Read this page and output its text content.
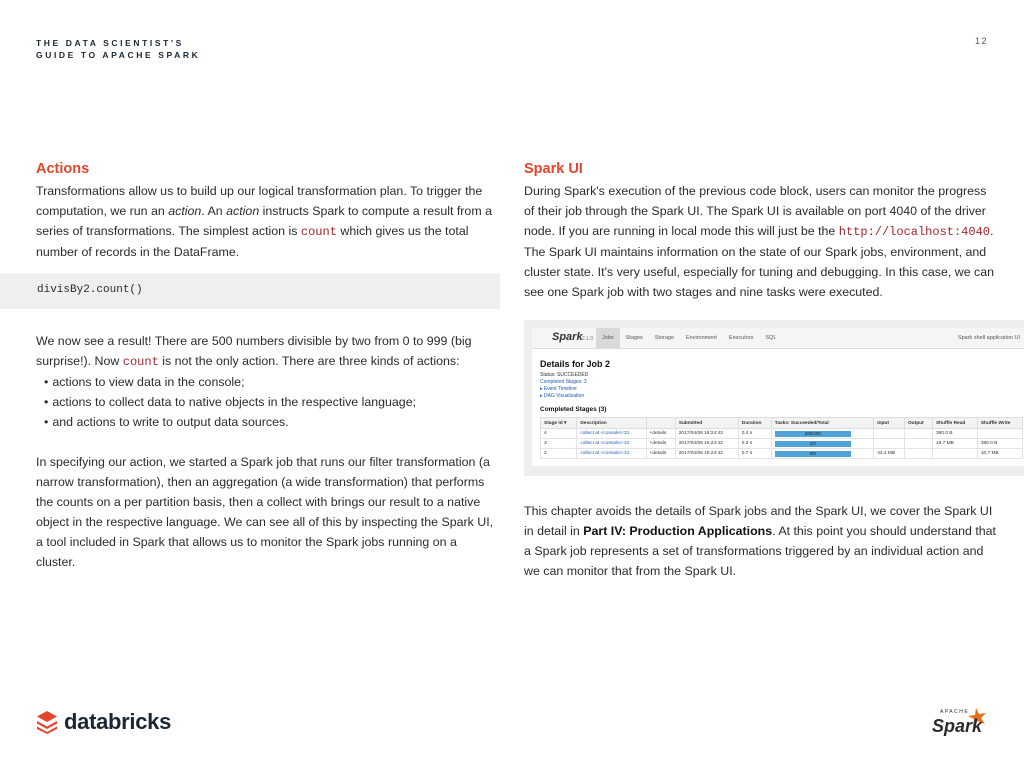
THE DATA SCIENTIST'S
GUIDE TO APACHE SPARK
12
Actions

Transformations allow us to build up our logical transformation plan. To trigger the computation, we run an action. An action instructs Spark to compute a result from a series of transformations. The simplest action is count which gives us the total number of records in the DataFrame.

divisBy2.count()

We now see a result! There are 500 numbers divisible by two from 0 to 999 (big surprise!). Now count is not the only action. There are three kinds of actions:

• actions to view data in the console;
• actions to collect data to native objects in the respective language;
• and actions to write to output data sources.

In specifying our action, we started a Spark job that runs our filter transformation (a narrow transformation), then an aggregation (a wide transformation) that performs the counts on a per partition basis, then a collect with brings our result to a native object in the respective language. We can see all of this by inspecting the Spark UI, a tool included in Spark that allows us to monitor the Spark jobs running on a cluster.

Spark UI

During Spark's execution of the previous code block, users can monitor the progress of their job through the Spark UI. The Spark UI is available on port 4040 of the driver node. If you are running in local mode this will just be the http://localhost:4040. The Spark UI maintains information on the state of our Spark jobs, environment, and cluster state. It's very useful, especially for tuning and debugging. In this case, we can see one Spark job with two stages and nine tasks were executed.

Spark 2.1.0	Jobs	Stages	Storage	Environment	Executors	SQL	Spark shell application UI
Details for Job 2
Status: SUCCEEDED
Completed Stages: 3
▸ Event Timeline
▸ DAG Visualization
Completed Stages (3)
Stage Id ▾	Description		Submitted	Duration	Tasks: Succeeded/Total	Input	Output	Shuffle Read	Shuffle Write
4	collect at <console>:31	+details	2017/04/08 16:24:43	0.4 s	200/200			380.0 B	
3	collect at <console>:31	+details	2017/04/08 16:24:42	0.3 s	2/2			16.7 MB	380.0 B
2	collect at <console>:31	+details	2017/04/08 16:24:42	0.7 s	8/8	43.4 MB			10.7 MB

This chapter avoids the details of Spark jobs and the Spark UI, we cover the Spark UI in detail in Part IV: Production Applications. At this point you should understand that a Spark job represents a set of transformations triggered by an individual action and we can monitor that from the Spark UI.

databricks	APACHE
Spark
